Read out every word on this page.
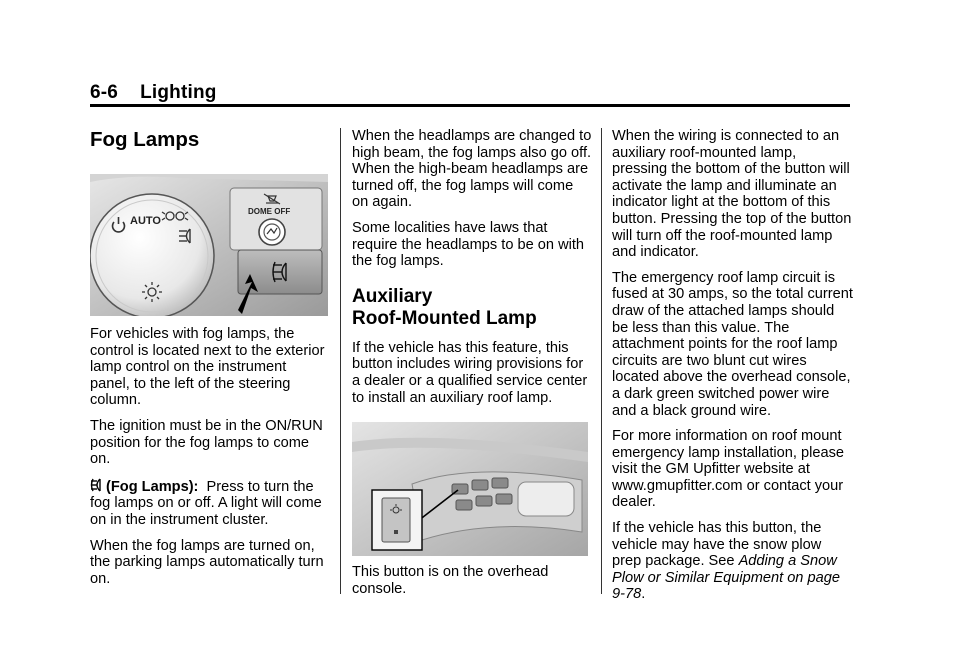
6-6 Lighting
Fog Lamps
AUTO
DOME OFF

For vehicles with fog lamps, the control is located next to the exterior lamp control on the instrument panel, to the left of the steering column.

The ignition must be in the ON/RUN position for the fog lamps to come on.

(Fog Lamps): Press to turn the fog lamps on or off. A light will come on in the instrument cluster.

When the fog lamps are turned on, the parking lamps automatically turn on.

When the headlamps are changed to high beam, the fog lamps also go off. When the high-beam headlamps are turned off, the fog lamps will come on again.

Some localities have laws that require the headlamps to be on with the fog lamps.

Auxiliary
Roof-Mounted Lamp

If the vehicle has this feature, this button includes wiring provisions for a dealer or a qualified service center to install an auxiliary roof lamp.

This button is on the overhead console.

When the wiring is connected to an auxiliary roof-mounted lamp, pressing the bottom of the button will activate the lamp and illuminate an indicator light at the bottom of this button. Pressing the top of the button will turn off the roof-mounted lamp and indicator.

The emergency roof lamp circuit is fused at 30 amps, so the total current draw of the attached lamps should be less than this value. The attachment points for the roof lamp circuits are two blunt cut wires located above the overhead console, a dark green switched power wire and a black ground wire.

For more information on roof mount emergency lamp installation, please visit the GM Upfitter website at www.gmupfitter.com or contact your dealer.

If the vehicle has this button, the vehicle may have the snow plow prep package. See Adding a Snow Plow or Similar Equipment on page 9-78.
